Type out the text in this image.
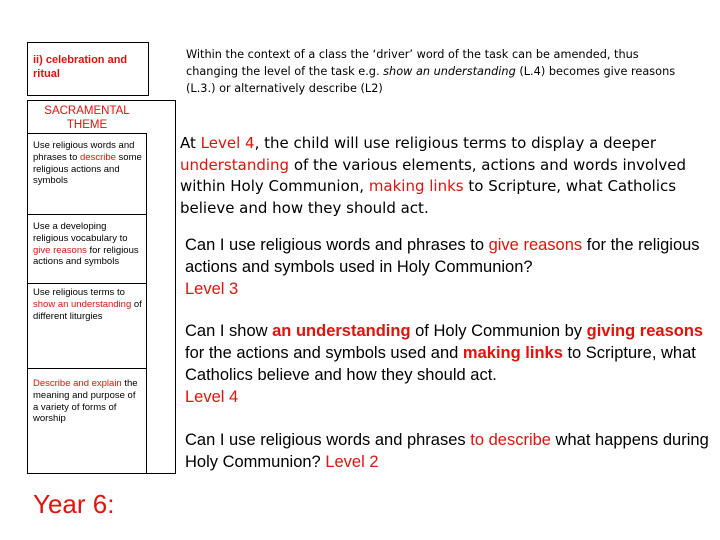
ii) celebration and ritual
SACRAMENTAL THEME
Use religious words and phrases to describe some religious actions and symbols
Use a developing religious vocabulary to give reasons for religious actions and symbols
Use religious terms to show an understanding of different liturgies
Describe and explain the meaning and purpose of a variety of forms of worship
Within the context of a class the ‘driver’ word of the task can be amended, thus changing the level of the task e.g. show an understanding (L.4) becomes give reasons (L.3.) or alternatively describe (L2)
At Level 4, the child will use religious terms to display a deeper understanding of the various elements, actions and words involved within Holy Communion, making links to Scripture, what Catholics believe and how they should act.
Can I use religious words and phrases to give reasons for the religious actions and symbols used in Holy Communion?
Level 3
Can I show an understanding of Holy Communion by giving reasons for the actions and symbols used and making links to Scripture, what Catholics believe and how they should act.
Level 4
Can I use religious words and phrases to describe what happens during Holy Communion? Level 2
Year 6:
